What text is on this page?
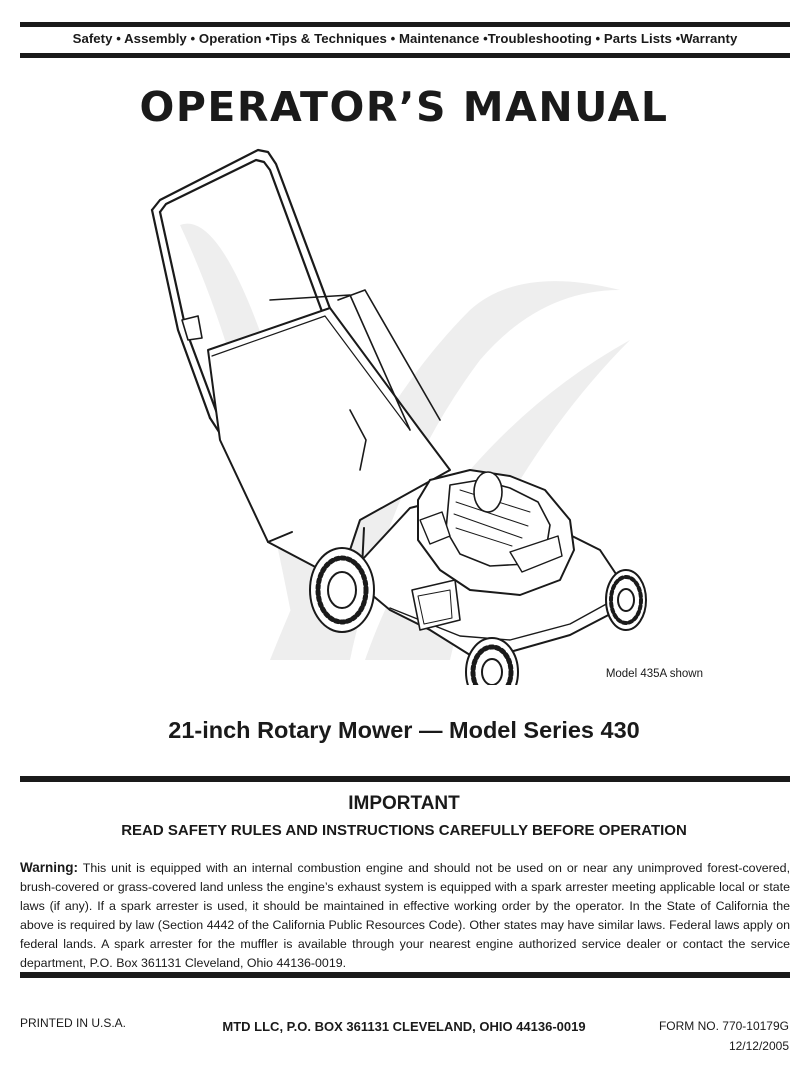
Safety • Assembly • Operation •Tips & Techniques • Maintenance •Troubleshooting • Parts Lists •Warranty
OPERATOR’S MANUAL
Model 435A shown
21-inch Rotary Mower — Model Series 430
IMPORTANT
READ SAFETY RULES AND INSTRUCTIONS CAREFULLY BEFORE OPERATION
Warning: This unit is equipped with an internal combustion engine and should not be used on or near any unimproved forest-covered, brush-covered or grass-covered land unless the engine’s exhaust system is equipped with a spark arrester meeting applicable local or state laws (if any). If a spark arrester is used, it should be maintained in effective working order by the operator. In the State of California the above is required by law (Section 4442 of the California Public Resources Code). Other states may have similar laws. Federal laws apply on federal lands. A spark arrester for the muffler is available through your nearest engine authorized service dealer or contact the service department, P.O. Box 361131 Cleveland, Ohio 44136-0019.
PRINTED IN U.S.A.	MTD LLC, P.O. BOX 361131 CLEVELAND, OHIO 44136-0019	FORM NO. 770-10179G
12/12/2005
